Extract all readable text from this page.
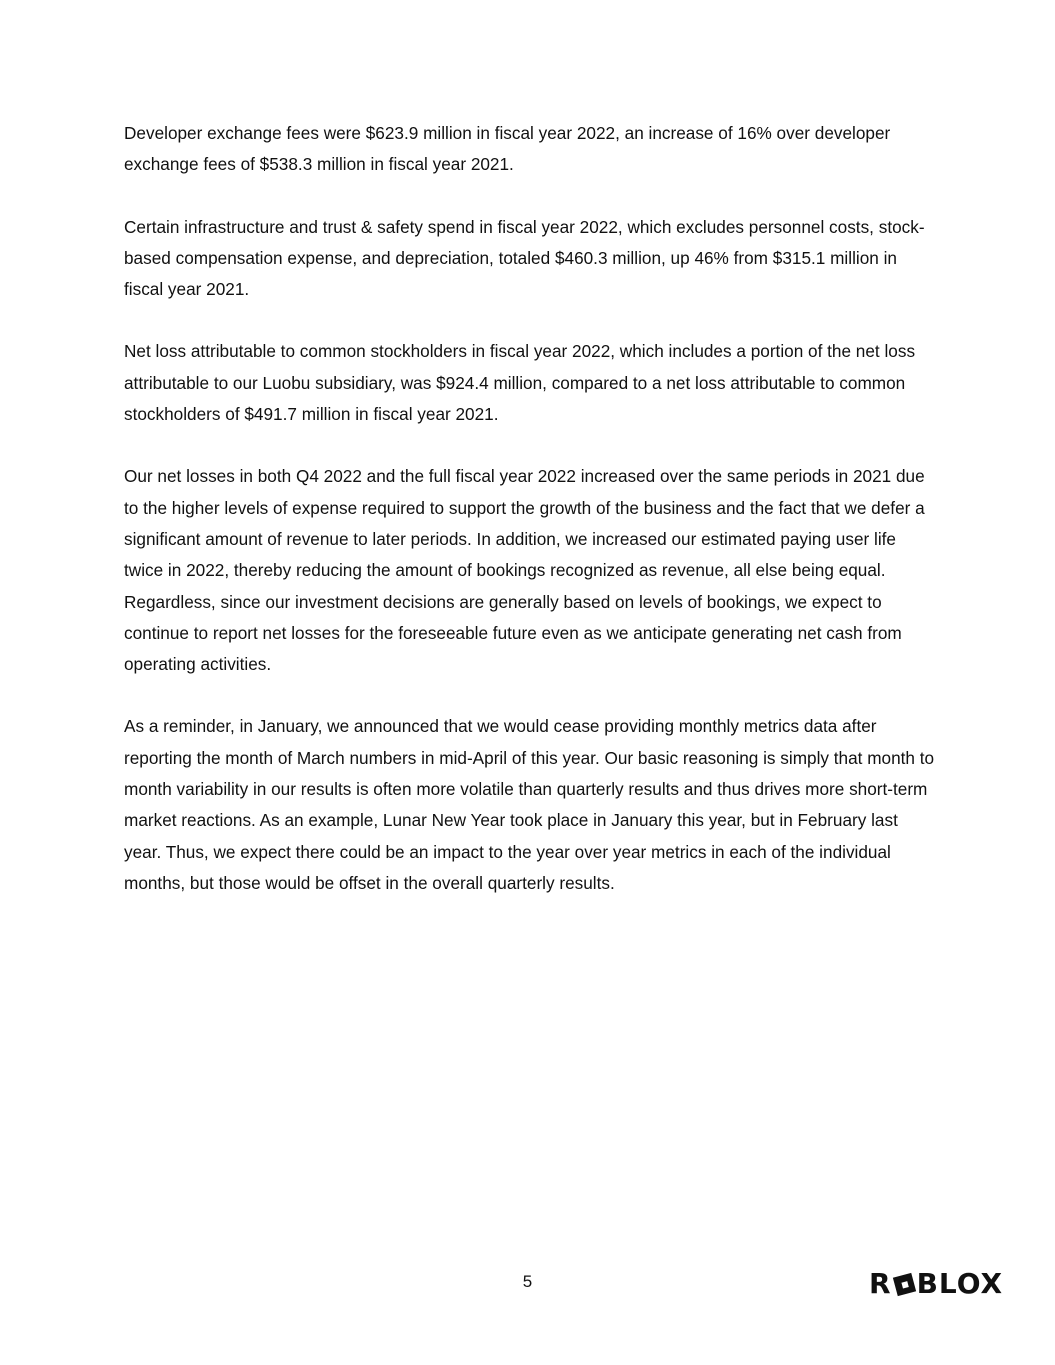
Developer exchange fees were $623.9 million in fiscal year 2022, an increase of 16% over developer exchange fees of $538.3 million in fiscal year 2021.

Certain infrastructure and trust & safety spend in fiscal year 2022, which excludes personnel costs, stock-based compensation expense, and depreciation, totaled $460.3 million, up 46% from $315.1 million in fiscal year 2021.

Net loss attributable to common stockholders in fiscal year 2022, which includes a portion of the net loss attributable to our Luobu subsidiary, was $924.4 million, compared to a net loss attributable to common stockholders of $491.7 million in fiscal year 2021.

Our net losses in both Q4 2022 and the full fiscal year 2022 increased over the same periods in 2021 due to the higher levels of expense required to support the growth of the business and the fact that we defer a significant amount of revenue to later periods. In addition, we increased our estimated paying user life twice in 2022, thereby reducing the amount of bookings recognized as revenue, all else being equal. Regardless, since our investment decisions are generally based on levels of bookings, we expect to continue to report net losses for the foreseeable future even as we anticipate generating net cash from operating activities.

As a reminder, in January, we announced that we would cease providing monthly metrics data after reporting the month of March numbers in mid-April of this year. Our basic reasoning is simply that month to month variability in our results is often more volatile than quarterly results and thus drives more short-term market reactions. As an example, Lunar New Year took place in January this year, but in February last year. Thus, we expect there could be an impact to the year over year metrics in each of the individual months, but those would be offset in the overall quarterly results.

5	R BLOX
